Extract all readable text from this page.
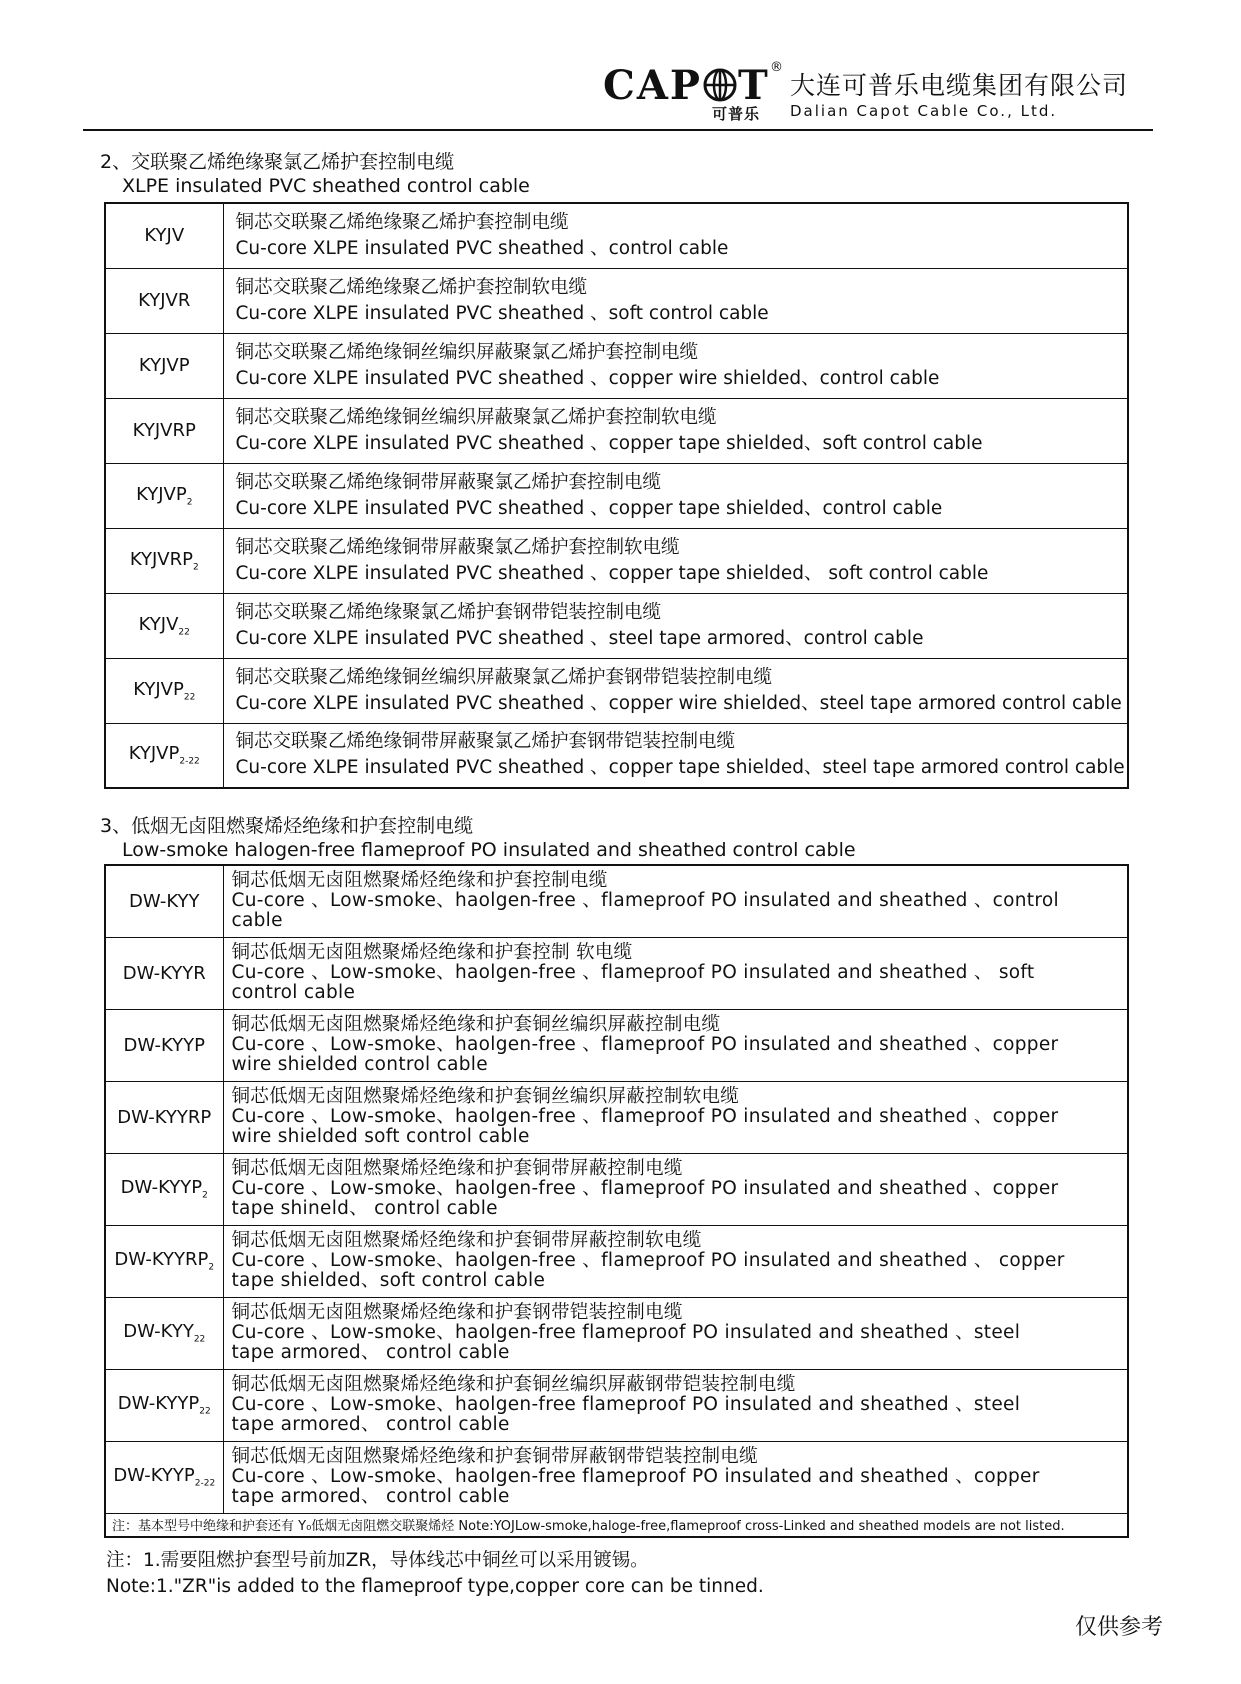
CAP T ®
可普乐
大连可普乐电缆集团有限公司
Dalian Capot Cable Co., Ltd.
2、交联聚乙烯绝缘聚氯乙烯护套控制电缆
XLPE insulated PVC sheathed control cable
KYJV	铜芯交联聚乙烯绝缘聚乙烯护套控制电缆
Cu-core XLPE insulated PVC sheathed 、control cable

KYJVR	铜芯交联聚乙烯绝缘聚乙烯护套控制软电缆
Cu-core XLPE insulated PVC sheathed 、soft control cable

KYJVP	铜芯交联聚乙烯绝缘铜丝编织屏蔽聚氯乙烯护套控制电缆
Cu-core XLPE insulated PVC sheathed 、copper wire shielded、control cable

KYJVRP	铜芯交联聚乙烯绝缘铜丝编织屏蔽聚氯乙烯护套控制软电缆
Cu-core XLPE insulated PVC sheathed 、copper tape shielded、soft control cable

$KYJVP_2$	铜芯交联聚乙烯绝缘铜带屏蔽聚氯乙烯护套控制电缆
Cu-core XLPE insulated PVC sheathed 、copper tape shielded、control cable

$KYJVRP_2$	铜芯交联聚乙烯绝缘铜带屏蔽聚氯乙烯护套控制软电缆
Cu-core XLPE insulated PVC sheathed 、copper tape shielded、 soft control cable

$KYJV_{22}$	铜芯交联聚乙烯绝缘聚氯乙烯护套钢带铠装控制电缆
Cu-core XLPE insulated PVC sheathed 、steel tape armored、control cable

$KYJVP_{22}$	铜芯交联聚乙烯绝缘铜丝编织屏蔽聚氯乙烯护套钢带铠装控制电缆
Cu-core XLPE insulated PVC sheathed 、copper wire shielded、steel tape armored control cable

$KYJVP_{2-22}$	铜芯交联聚乙烯绝缘铜带屏蔽聚氯乙烯护套钢带铠装控制电缆
Cu-core XLPE insulated PVC sheathed 、copper tape shielded、steel tape armored control cable
3、低烟无卤阻燃聚烯烃绝缘和护套控制电缆
Low-smoke halogen-free flameproof PO insulated and sheathed control cable
DW-KYY	铜芯低烟无卤阻燃聚烯烃绝缘和护套控制电缆
Cu-core 、Low-smoke、haolgen-free 、flameproof PO insulated and sheathed 、control
cable

DW-KYYR	铜芯低烟无卤阻燃聚烯烃绝缘和护套控制 软电缆
Cu-core 、Low-smoke、haolgen-free 、flameproof PO insulated and sheathed 、 soft
control cable

DW-KYYP	铜芯低烟无卤阻燃聚烯烃绝缘和护套铜丝编织屏蔽控制电缆
Cu-core 、Low-smoke、haolgen-free 、flameproof PO insulated and sheathed 、copper
wire shielded control cable

DW-KYYRP	铜芯低烟无卤阻燃聚烯烃绝缘和护套铜丝编织屏蔽控制软电缆
Cu-core 、Low-smoke、haolgen-free 、flameproof PO insulated and sheathed 、copper
wire shielded soft control cable

$DW-KYYP_2$	铜芯低烟无卤阻燃聚烯烃绝缘和护套铜带屏蔽控制电缆
Cu-core 、Low-smoke、haolgen-free 、flameproof PO insulated and sheathed 、copper
tape shineld、 control cable

$DW-KYYRP_2$	铜芯低烟无卤阻燃聚烯烃绝缘和护套铜带屏蔽控制软电缆
Cu-core 、Low-smoke、haolgen-free 、flameproof PO insulated and sheathed 、 copper
tape shielded、soft control cable

$DW-KYY_{22}$	铜芯低烟无卤阻燃聚烯烃绝缘和护套钢带铠装控制电缆
Cu-core 、Low-smoke、haolgen-free flameproof PO insulated and sheathed 、steel
tape armored、 control cable

$DW-KYYP_{22}$	铜芯低烟无卤阻燃聚烯烃绝缘和护套铜丝编织屏蔽钢带铠装控制电缆
Cu-core 、Low-smoke、haolgen-free flameproof PO insulated and sheathed 、steel
tape armored、 control cable

$DW-KYYP_{2-22}$	铜芯低烟无卤阻燃聚烯烃绝缘和护套铜带屏蔽钢带铠装控制电缆
Cu-core 、Low-smoke、haolgen-free flameproof PO insulated and sheathed 、copper
tape armored、 control cable

注：基本型号中绝缘和护套还有 Y₀低烟无卤阻燃交联聚烯烃 Note:YOJLow-smoke,haloge-free,flameproof cross-Linked and sheathed models are not listed.	
注：1.需要阻燃护套型号前加ZR，导体线芯中铜丝可以采用镀锡。
Note:1."ZR"is added to the flameproof type,copper core can be tinned.
仅供参考
